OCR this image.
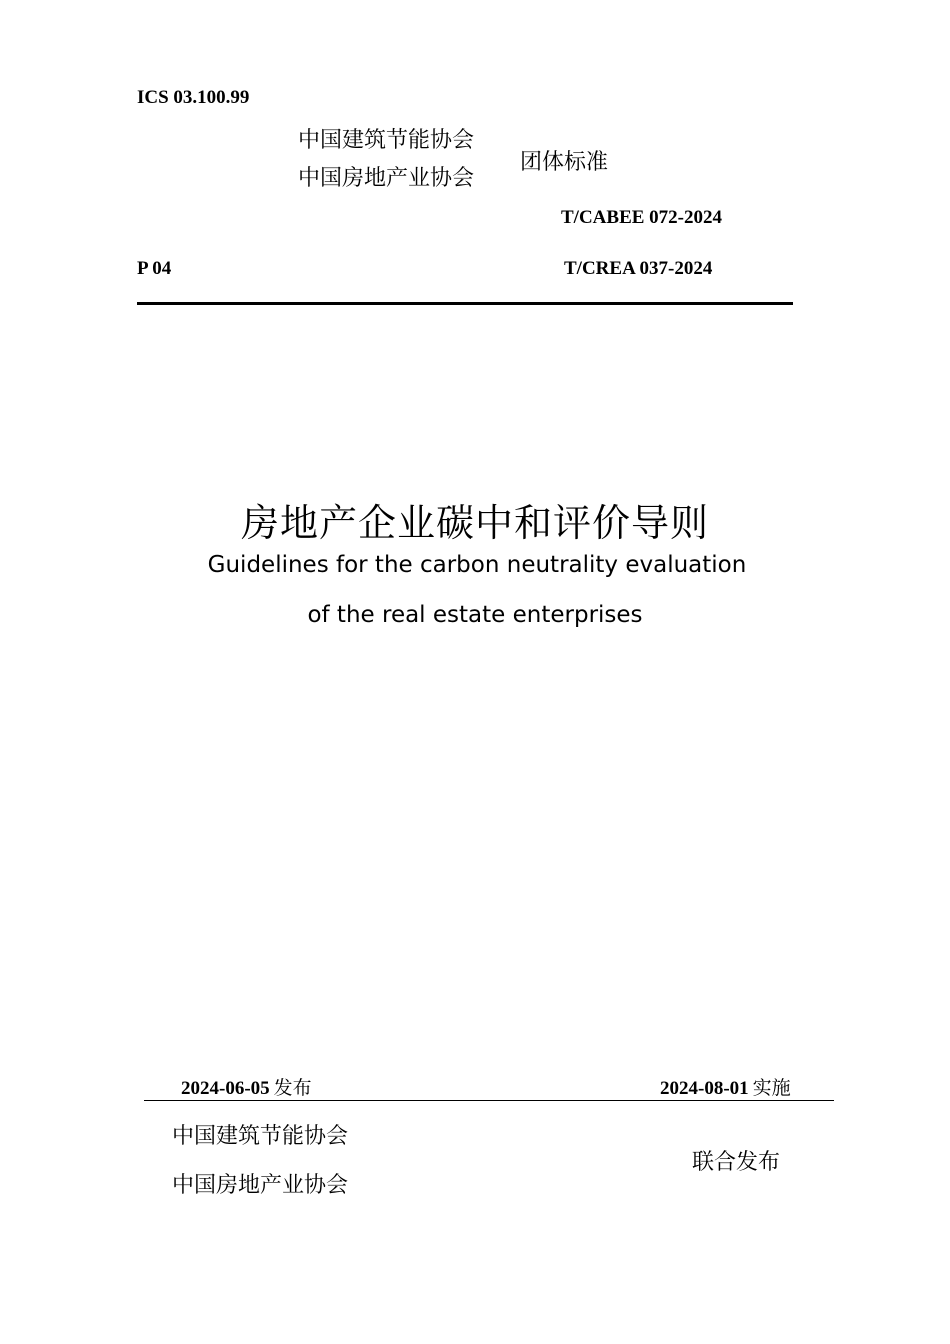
ICS 03.100.99
中国建筑节能协会
中国房地产业协会
团体标准
T/CABEE 072-2024
P 04	T/CREA 037-2024
房地产企业碳中和评价导则
Guidelines for the carbon neutrality evaluation
of the real estate enterprises
2024-06-05 发布	2024-08-01 实施
中国建筑节能协会
中国房地产业协会
联合发布
